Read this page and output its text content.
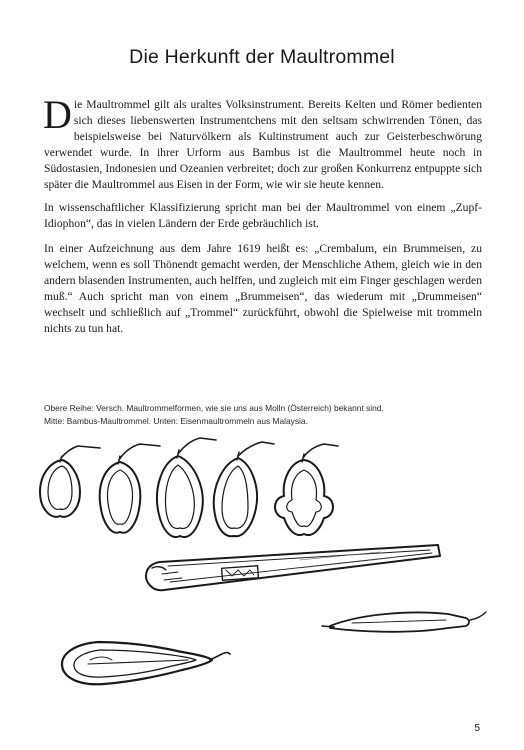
Die Herkunft der Maultrommel

Die Maultrommel gilt als uraltes Volksinstrument. Bereits Kelten und Römer bedienten sich dieses liebenswerten Instrumentchens mit den seltsam schwirrenden Tönen, das beispielsweise bei Naturvölkern als Kultinstrument auch zur Geisterbeschwörung verwendet wurde. In ihrer Urform aus Bambus ist die Maultrommel heute noch in Südostasien, Indonesien und Ozeanien verbreitet; doch zur großen Konkurrenz entpuppte sich später die Maultrommel aus Eisen in der Form, wie wir sie heute kennen.

In wissenschaftlicher Klassifizierung spricht man bei der Maultrommel von einem „Zupf-Idiophon“, das in vielen Ländern der Erde gebräuchlich ist.

In einer Aufzeichnung aus dem Jahre 1619 heißt es: „Crembalum, ein Brummeisen, zu welchem, wenn es soll Thönendt gemacht werden, der Menschliche Athem, gleich wie in den andern blasenden Instrumenten, auch helffen, und zugleich mit eim Finger geschlagen werden muß.“ Auch spricht man von einem „Brummeisen“, das wiederum mit „Drummeisen“ wechselt und schließlich auf „Trommel“ zurückführt, obwohl die Spielweise mit trommeln nichts zu tun hat.

Obere Reihe: Versch. Maultrommelformen, wie sie uns aus Molln (Österreich) bekannt sind.
Mitte: Bambus-Maultrommel. Unten: Eisenmaultrommeln aus Malaysia.
5
